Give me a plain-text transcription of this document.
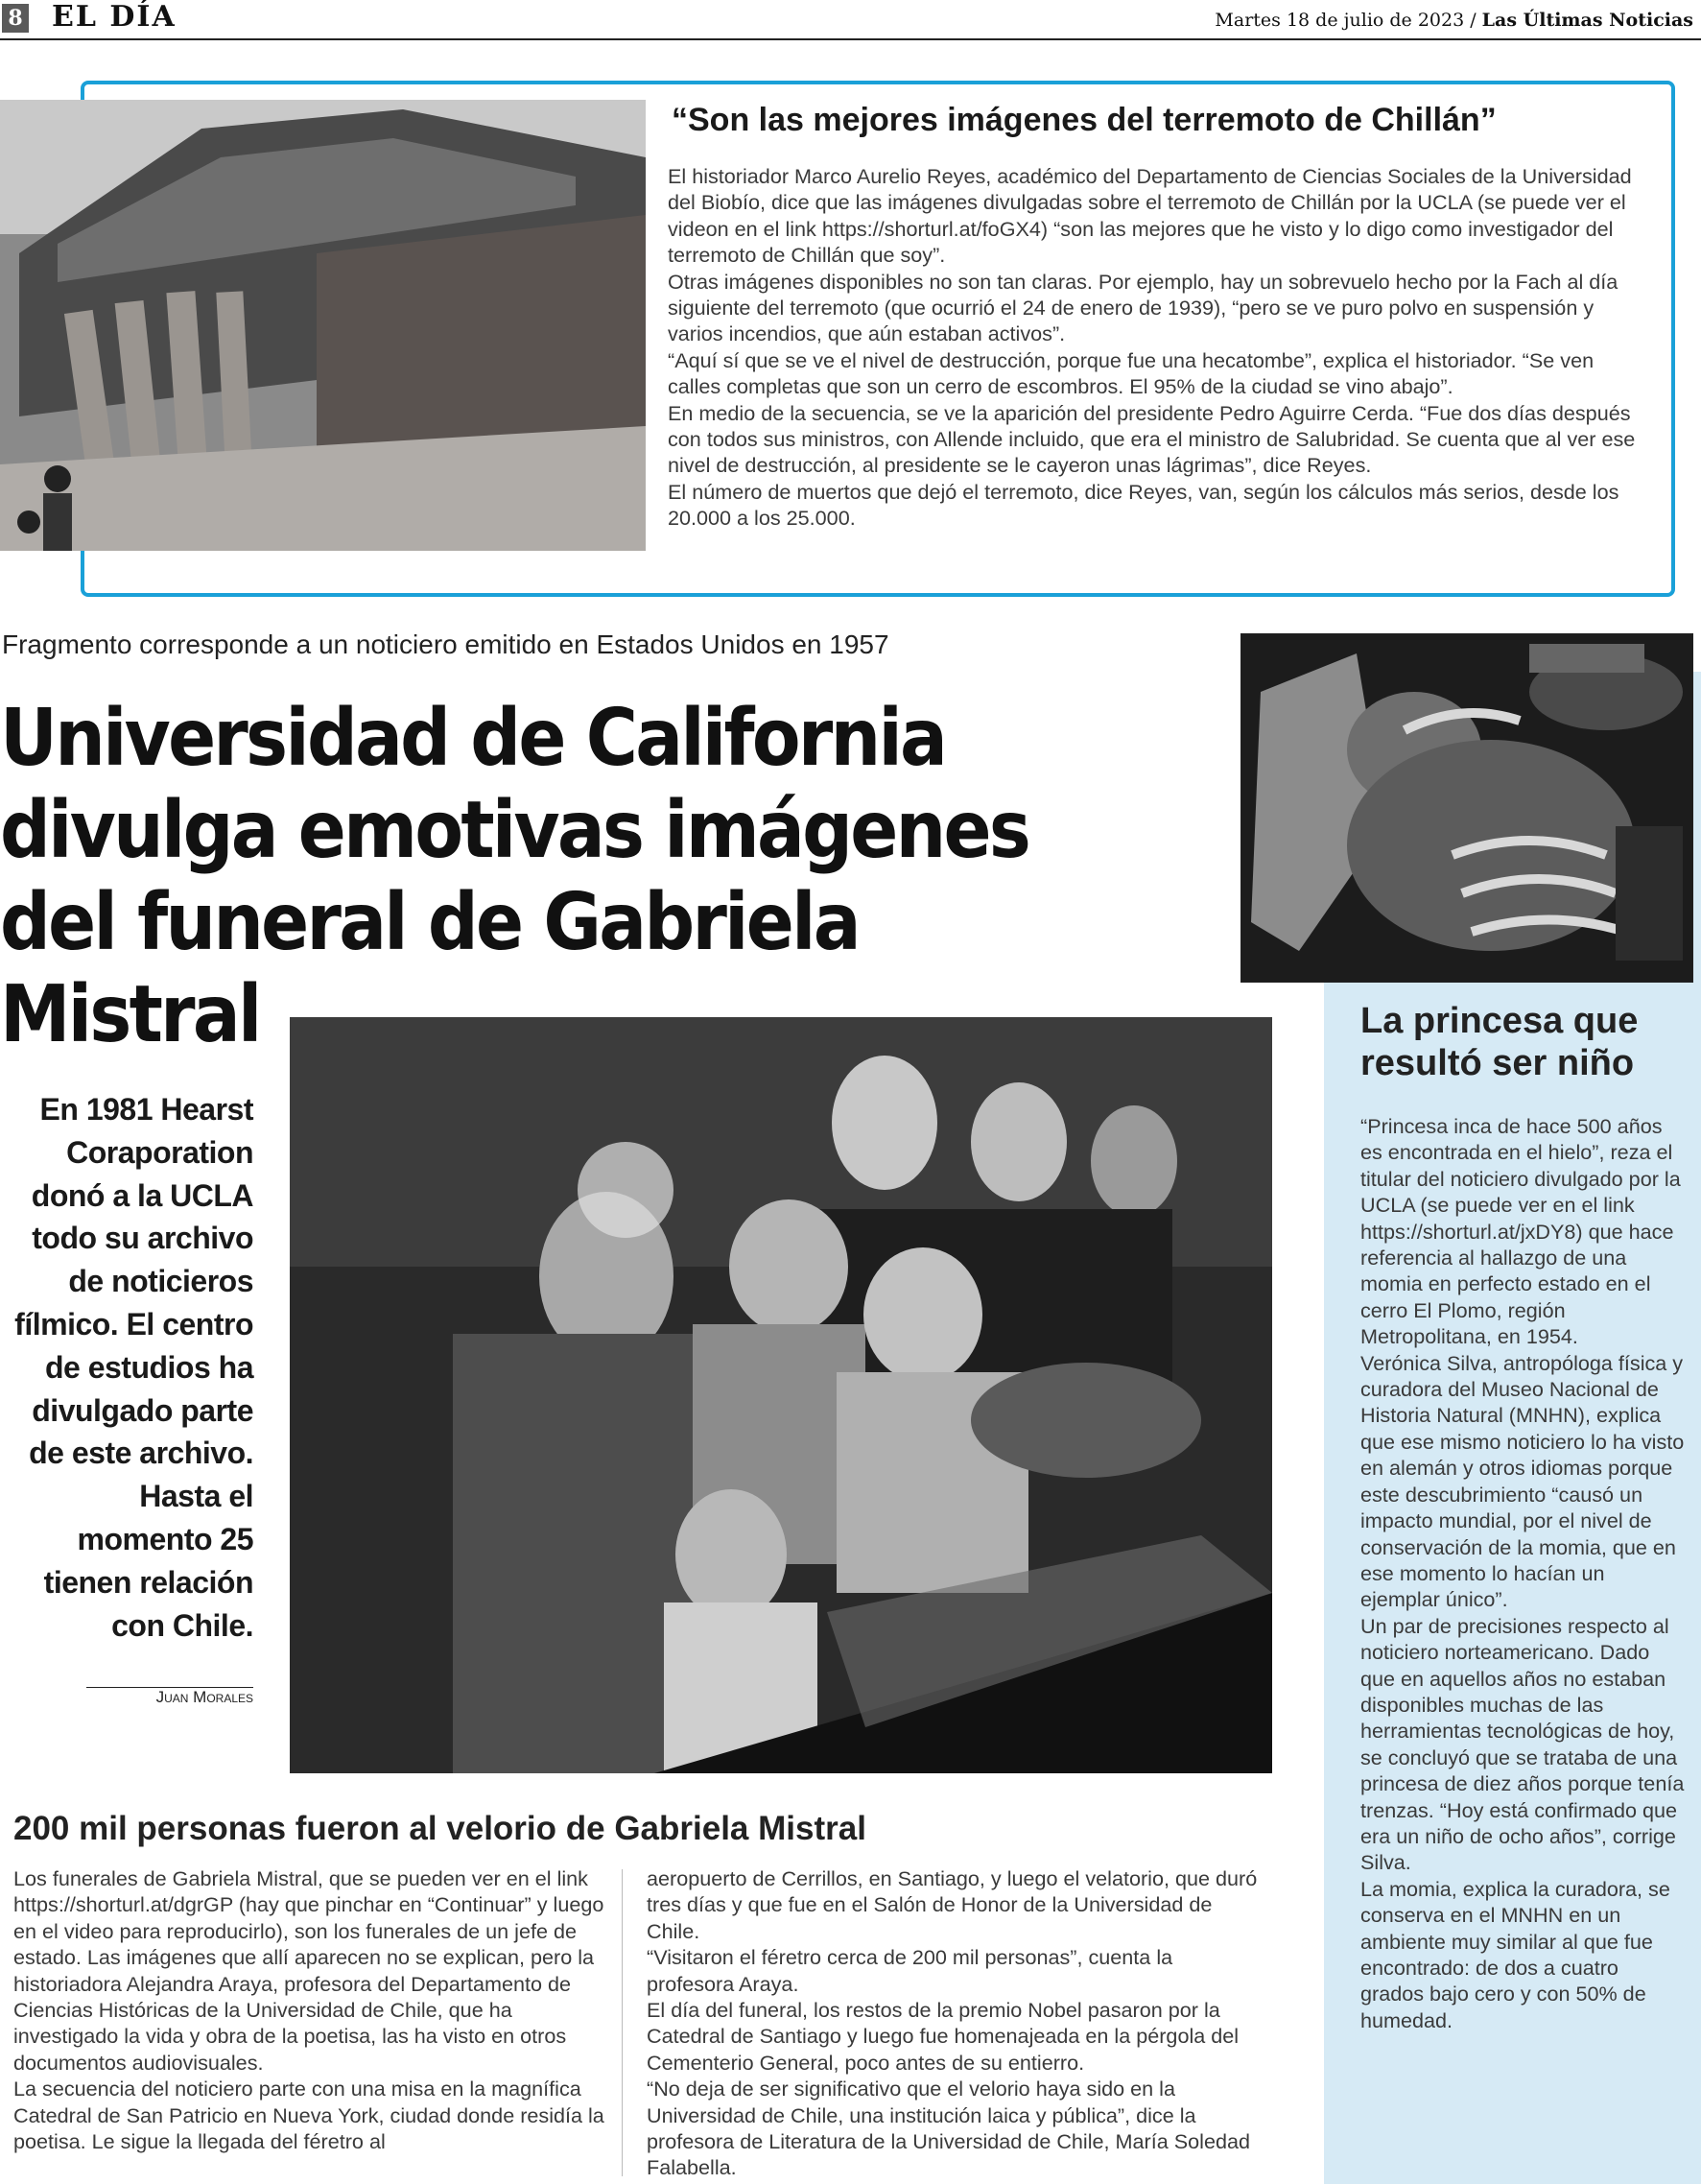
8 EL DÍA	Martes 18 de julio de 2023 / Las Últimas Noticias
“Son las mejores imágenes del terremoto de Chillán”

El historiador Marco Aurelio Reyes, académico del Departamento de Ciencias Sociales de la Universidad del Biobío, dice que las imágenes divulgadas sobre el terremoto de Chillán por la UCLA (se puede ver el videon en el link https://shorturl.at/foGX4) “son las mejores que he visto y lo digo como investigador del terremoto de Chillán que soy”.

Otras imágenes disponibles no son tan claras. Por ejemplo, hay un sobrevuelo hecho por la Fach al día siguiente del terremoto (que ocurrió el 24 de enero de 1939), “pero se ve puro polvo en suspensión y varios incendios, que aún estaban activos”.

“Aquí sí que se ve el nivel de destrucción, porque fue una hecatombe”, explica el historiador. “Se ven calles completas que son un cerro de escombros. El 95% de la ciudad se vino abajo”.

En medio de la secuencia, se ve la aparición del presidente Pedro Aguirre Cerda. “Fue dos días después con todos sus ministros, con Allende incluido, que era el ministro de Salubridad. Se cuenta que al ver ese nivel de destrucción, al presidente se le cayeron unas lágrimas”, dice Reyes.

El número de muertos que dejó el terremoto, dice Reyes, van, según los cálculos más serios, desde los 20.000 a los 25.000.

Fragmento corresponde a un noticiero emitido en Estados Unidos en 1957
Universidad de California divulga emotivas imágenes del funeral de Gabriela Mistral
En 1981 Hearst Coraporation donó a la UCLA todo su archivo de noticieros fílmico. El centro de estudios ha divulgado parte de este archivo. Hasta el momento 25 tienen relación con Chile.
Juan Morales
200 mil personas fueron al velorio de Gabriela Mistral

Los funerales de Gabriela Mistral, que se pueden ver en el link https://shorturl.at/dgrGP (hay que pinchar en “Continuar” y luego en el video para reproducirlo), son los funerales de un jefe de estado. Las imágenes que allí aparecen no se explican, pero la historiadora Alejandra Araya, profesora del Departamento de Ciencias Históricas de la Universidad de Chile, que ha investigado la vida y obra de la poetisa, las ha visto en otros documentos audiovisuales.

La secuencia del noticiero parte con una misa en la magnífica Catedral de San Patricio en Nueva York, ciudad donde residía la poetisa. Le sigue la llegada del féretro al

aeropuerto de Cerrillos, en Santiago, y luego el velatorio, que duró tres días y que fue en el Salón de Honor de la Universidad de Chile.

“Visitaron el féretro cerca de 200 mil personas”, cuenta la profesora Araya.

El día del funeral, los restos de la premio Nobel pasaron por la Catedral de Santiago y luego fue homenajeada en la pérgola del Cementerio General, poco antes de su entierro.

“No deja de ser significativo que el velorio haya sido en la Universidad de Chile, una institución laica y pública”, dice la profesora de Literatura de la Universidad de Chile, María Soledad Falabella.

La princesa que resultó ser niño

“Princesa inca de hace 500 años es encontrada en el hielo”, reza el titular del noticiero divulgado por la UCLA (se puede ver en el link https://shorturl.at/jxDY8) que hace referencia al hallazgo de una momia en perfecto estado en el cerro El Plomo, región Metropolitana, en 1954.

Verónica Silva, antropóloga física y curadora del Museo Nacional de Historia Natural (MNHN), explica que ese mismo noticiero lo ha visto en alemán y otros idiomas porque este descubrimiento “causó un impacto mundial, por el nivel de conservación de la momia, que en ese momento lo hacían un ejemplar único”.

Un par de precisiones respecto al noticiero norteamericano. Dado que en aquellos años no estaban disponibles muchas de las herramientas tecnológicas de hoy, se concluyó que se trataba de una princesa de diez años porque tenía trenzas. “Hoy está confirmado que era un niño de ocho años”, corrige Silva.

La momia, explica la curadora, se conserva en el MNHN en un ambiente muy similar al que fue encontrado: de dos a cuatro grados bajo cero y con 50% de humedad.
